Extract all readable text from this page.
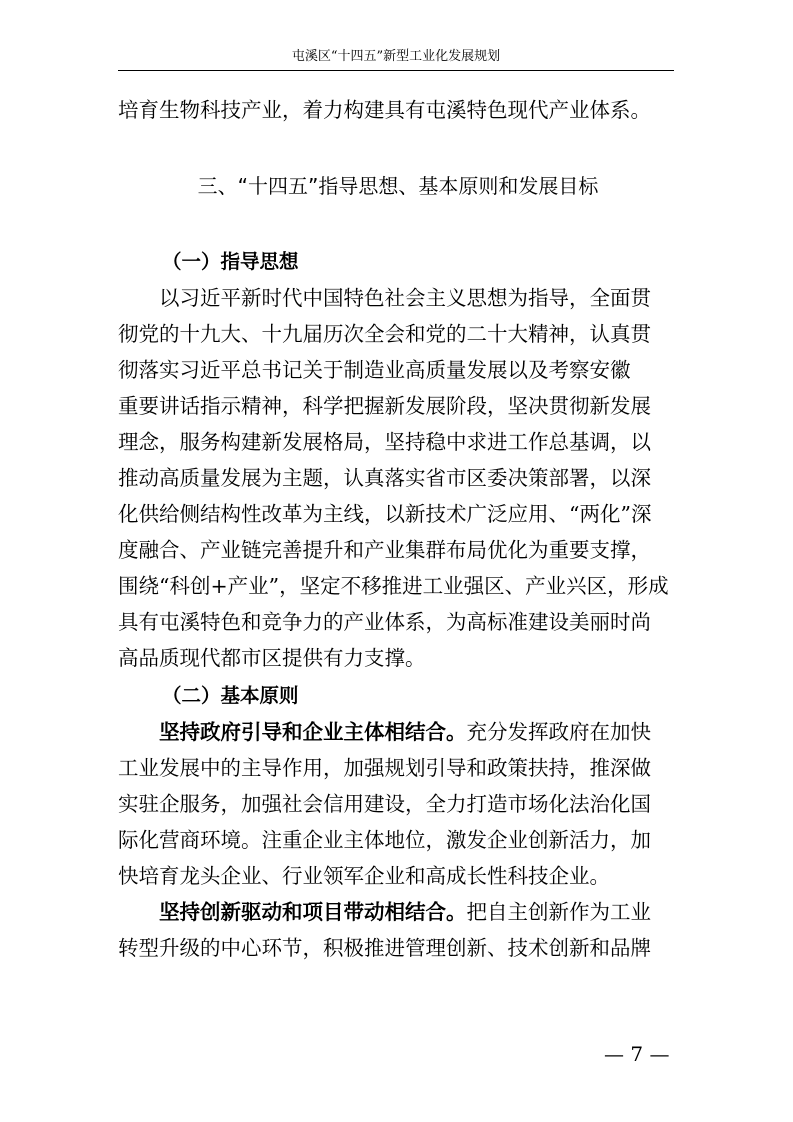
屯溪区“十四五”新型工业化发展规划
培育生物科技产业，着力构建具有屯溪特色现代产业体系。
三、“十四五”指导思想、基本原则和发展目标
（一）指导思想
以习近平新时代中国特色社会主义思想为指导，全面贯
彻党的十九大、十九届历次全会和党的二十大精神，认真贯
彻落实习近平总书记关于制造业高质量发展以及考察安徽
重要讲话指示精神，科学把握新发展阶段，坚决贯彻新发展
理念，服务构建新发展格局，坚持稳中求进工作总基调，以
推动高质量发展为主题，认真落实省市区委决策部署，以深
化供给侧结构性改革为主线，以新技术广泛应用、“两化”深
度融合、产业链完善提升和产业集群布局优化为重要支撑，
围绕“科创+产业”，坚定不移推进工业强区、产业兴区，形成
具有屯溪特色和竞争力的产业体系，为高标准建设美丽时尚
高品质现代都市区提供有力支撑。
（二）基本原则
坚持政府引导和企业主体相结合。充分发挥政府在加快
工业发展中的主导作用，加强规划引导和政策扶持，推深做
实驻企服务，加强社会信用建设，全力打造市场化法治化国
际化营商环境。注重企业主体地位，激发企业创新活力，加
快培育龙头企业、行业领军企业和高成长性科技企业。
坚持创新驱动和项目带动相结合。把自主创新作为工业
转型升级的中心环节，积极推进管理创新、技术创新和品牌
— 7 —
